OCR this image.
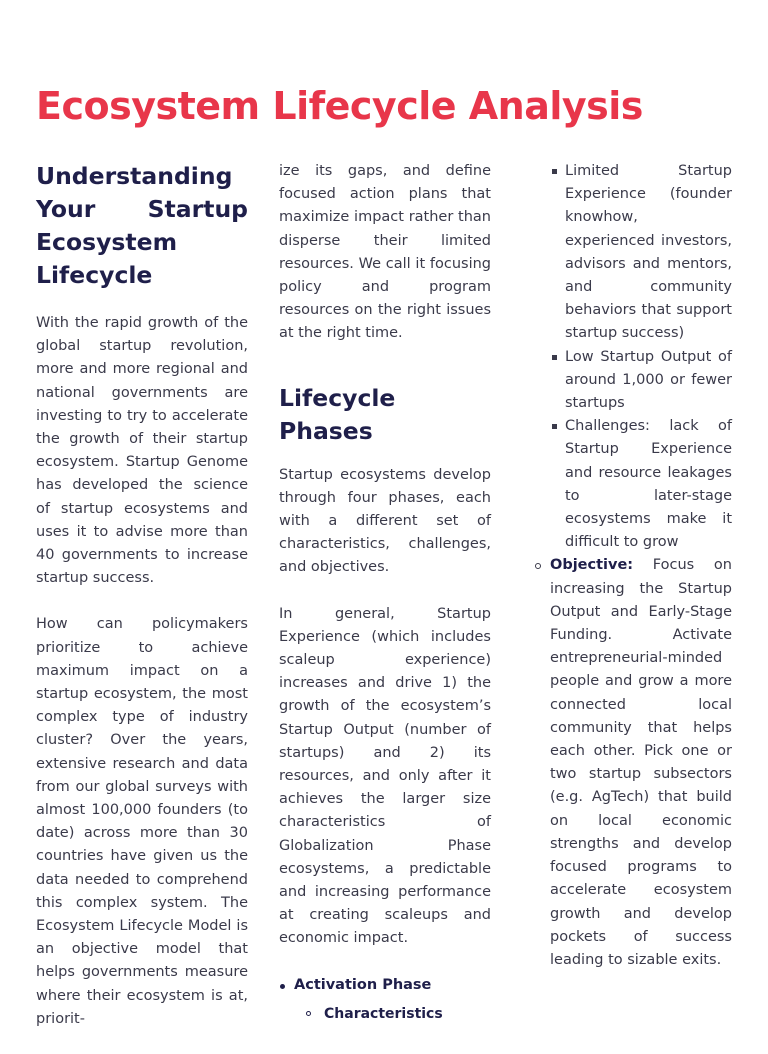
Ecosystem Lifecycle Analysis
Understanding Your Startup Ecosystem Lifecycle

With the rapid growth of the global startup revolution, more and more regional and national governments are investing to try to accelerate the growth of their startup ecosystem. Startup Genome has developed the science of startup ecosystems and uses it to advise more than 40 governments to increase startup success.

How can policymakers prioritize to achieve maximum impact on a startup ecosystem, the most complex type of industry cluster? Over the years, extensive research and data from our global surveys with almost 100,000 founders (to date) across more than 30 countries have given us the data needed to comprehend this complex system. The Ecosystem Lifecycle Model is an objective model that helps governments measure where their ecosystem is at, priorit-

ize its gaps, and define focused action plans that maximize impact rather than disperse their limited resources. We call it focusing policy and program resources on the right issues at the right time.

Lifecycle Phases

Startup ecosystems develop through four phases, each with a different set of characteristics, challenges, and objectives.

In general, Startup Experience (which includes scaleup experience) increases and drive 1) the growth of the ecosystem’s Startup Output (number of startups) and 2) its resources, and only after it achieves the larger size characteristics of Globalization Phase ecosystems, a predictable and increasing performance at creating scaleups and economic impact.

Activation Phase
Characteristics
Limited Startup Experience (founder knowhow, experienced investors, advisors and mentors, and community behaviors that support startup success)
Low Startup Output of around 1,000 or fewer startups
Challenges: lack of Startup Experience and resource leakages to later-stage ecosystems make it difficult to grow
Objective: Focus on increasing the Startup Output and Early-Stage Funding. Activate entrepreneurial-minded people and grow a more connected local community that helps each other. Pick one or two startup subsectors (e.g. AgTech) that build on local economic strengths and develop focused programs to accelerate ecosystem growth and develop pockets of success leading to sizable exits.
